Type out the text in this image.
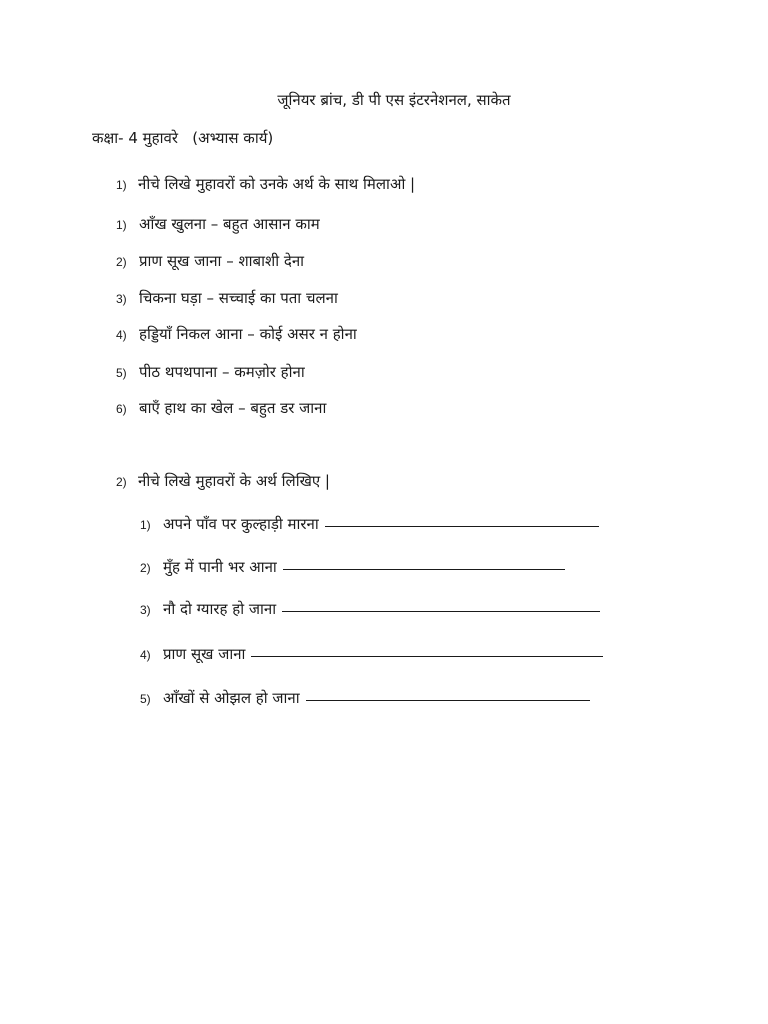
जूनियर ब्रांच, डी पी एस इंटरनेशनल, साकेत
कक्षा- 4 मुहावरे   (अभ्यास कार्य)
1) नीचे लिखे मुहावरों को उनके अर्थ के साथ मिलाओ |
1) आँख खुलना – बहुत आसान काम
2) प्राण सूख जाना – शाबाशी देना
3) चिकना घड़ा – सच्चाई का पता चलना
4) हड्डियाँ निकल आना – कोई असर न होना
5) पीठ थपथपाना – कमज़ोर होना
6) बाएँ हाथ का खेल – बहुत डर जाना
2) नीचे लिखे मुहावरों के अर्थ लिखिए |
1) अपने पाँव पर कुल्हाड़ी मारना
2) मुँह में पानी भर आना
3) नौ दो ग्यारह हो जाना
4) प्राण सूख जाना
5) आँखों से ओझल हो जाना
